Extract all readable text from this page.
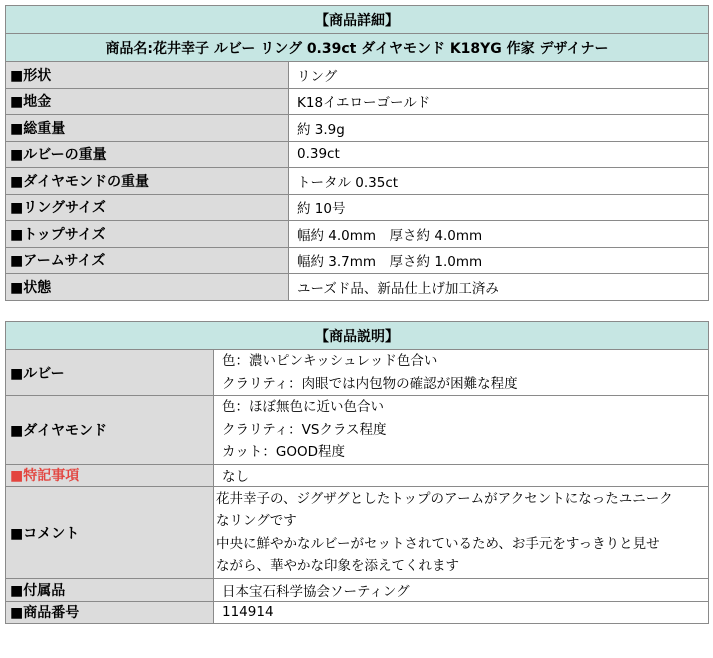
【商品詳細】	
商品名:花井幸子 ルビー リング 0.39ct ダイヤモンド K18YG 作家 デザイナー	
■形状	リング
■地金	K18イエローゴールド
■総重量	約 3.9g
■ルビーの重量	0.39ct
■ダイヤモンドの重量	トータル 0.35ct
■リングサイズ	約 10号
■トップサイズ	幅約 4.0mm　厚さ約 4.0mm
■アームサイズ	幅約 3.7mm　厚さ約 1.0mm
■状態	ユーズド品、新品仕上げ加工済み
【商品説明】	
■ルビー	色：濃いピンキッシュレッド色合い
クラリティ：肉眼では内包物の確認が困難な程度

■ダイヤモンド	色：ほぼ無色に近い色合い
クラリティ：VSクラス程度
カット：GOOD程度

■特記事項	なし
■コメント	花井幸子の、ジグザグとしたトップのアームがアクセントになったユニーク
なリングです
中央に鮮やかなルビーがセットされているため、お手元をすっきりと見せ
ながら、華やかな印象を添えてくれます

■付属品	日本宝石科学協会ソーティング
■商品番号	114914
